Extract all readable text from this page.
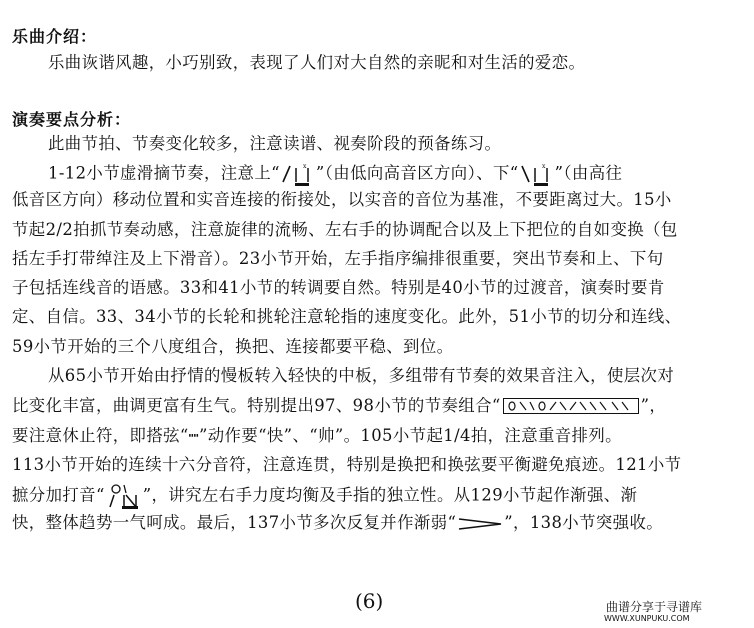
乐曲介绍：
乐曲诙谐风趣，小巧别致，表现了人们对大自然的亲昵和对生活的爱恋。
演奏要点分析：
此曲节拍、节奏变化较多，注意读谱、视奏阶段的预备练习。
1-12小节虚滑摘节奏，注意上“	x ”（由低向高音区方向）、下“	x ”（由高往
低音区方向）移动位置和实音连接的衔接处，以实音的音位为基准，不要距离过大。15小
节起2/2拍抓节奏动感，注意旋律的流畅、左右手的协调配合以及上下把位的自如变换（包
括左手打带绰注及上下滑音）。23小节开始，左手指序编排很重要，突出节奏和上、下句
子包括连线音的语感。33和41小节的转调要自然。特别是40小节的过渡音，演奏时要肯
定、自信。33、34小节的长轮和挑轮注意轮指的速度变化。此外，51小节的切分和连线、
59小节开始的三个八度组合，换把、连接都要平稳、到位。
从65小节开始由抒情的慢板转入轻快的中板，多组带有节奏的效果音注入，使层次对
比变化丰富，曲调更富有生气。特别提出97、98小节的节奏组合“	”，
要注意休止符，即搭弦“┉”动作要“快”、“帅”。105小节起1/4拍，注意重音排列。
113小节开始的连续十六分音符，注意连贯，特别是换把和换弦要平衡避免痕迹。121小节
摭分加打音“ ”，讲究左右手力度均衡及手指的独立性。从129小节起作渐强、渐
快，整体趋势一气呵成。最后，137小节多次反复并作渐弱“	”，138小节突强收。
(6)	曲谱分享于寻谱库
WWW.XUNPUKU.COM
